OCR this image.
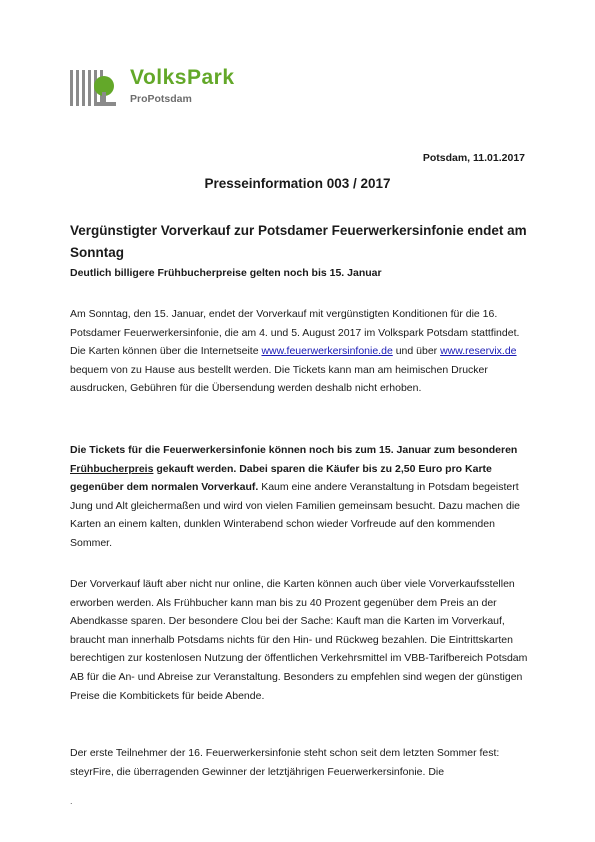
VolksPark
ProPotsdam
Potsdam, 11.01.2017
Presseinformation 003 / 2017
Vergünstigter Vorverkauf zur Potsdamer Feuerwerkersinfonie endet am Sonntag
Deutlich billigere Frühbucherpreise gelten noch bis 15. Januar

Am Sonntag, den 15. Januar, endet der Vorverkauf mit vergünstigten Konditionen für die 16. Potsdamer Feuerwerkersinfonie, die am 4. und 5. August 2017 im Volkspark Potsdam stattfindet. Die Karten können über die Internetseite www.feuerwerkersinfonie.de und über www.reservix.de bequem von zu Hause aus bestellt werden. Die Tickets kann man am heimischen Drucker ausdrucken, Gebühren für die Übersendung werden deshalb nicht erhoben.

Die Tickets für die Feuerwerkersinfonie können noch bis zum 15. Januar zum besonderen Frühbucherpreis gekauft werden. Dabei sparen die Käufer bis zu 2,50 Euro pro Karte gegenüber dem normalen Vorverkauf. Kaum eine andere Veranstaltung in Potsdam begeistert Jung und Alt gleichermaßen und wird von vielen Familien gemeinsam besucht. Dazu machen die Karten an einem kalten, dunklen Winterabend schon wieder Vorfreude auf den kommenden Sommer.

Der Vorverkauf läuft aber nicht nur online, die Karten können auch über viele Vorverkaufsstellen erworben werden. Als Frühbucher kann man bis zu 40 Prozent gegenüber dem Preis an der Abendkasse sparen. Der besondere Clou bei der Sache: Kauft man die Karten im Vorverkauf, braucht man innerhalb Potsdams nichts für den Hin- und Rückweg bezahlen. Die Eintrittskarten berechtigen zur kostenlosen Nutzung der öffentlichen Verkehrsmittel im VBB-Tarifbereich Potsdam AB für die An- und Abreise zur Veranstaltung. Besonders zu empfehlen sind wegen der günstigen Preise die Kombitickets für beide Abende.

Der erste Teilnehmer der 16. Feuerwerkersinfonie steht schon seit dem letzten Sommer fest: steyrFire, die überragenden Gewinner der letztjährigen Feuerwerkersinfonie. Die

.
